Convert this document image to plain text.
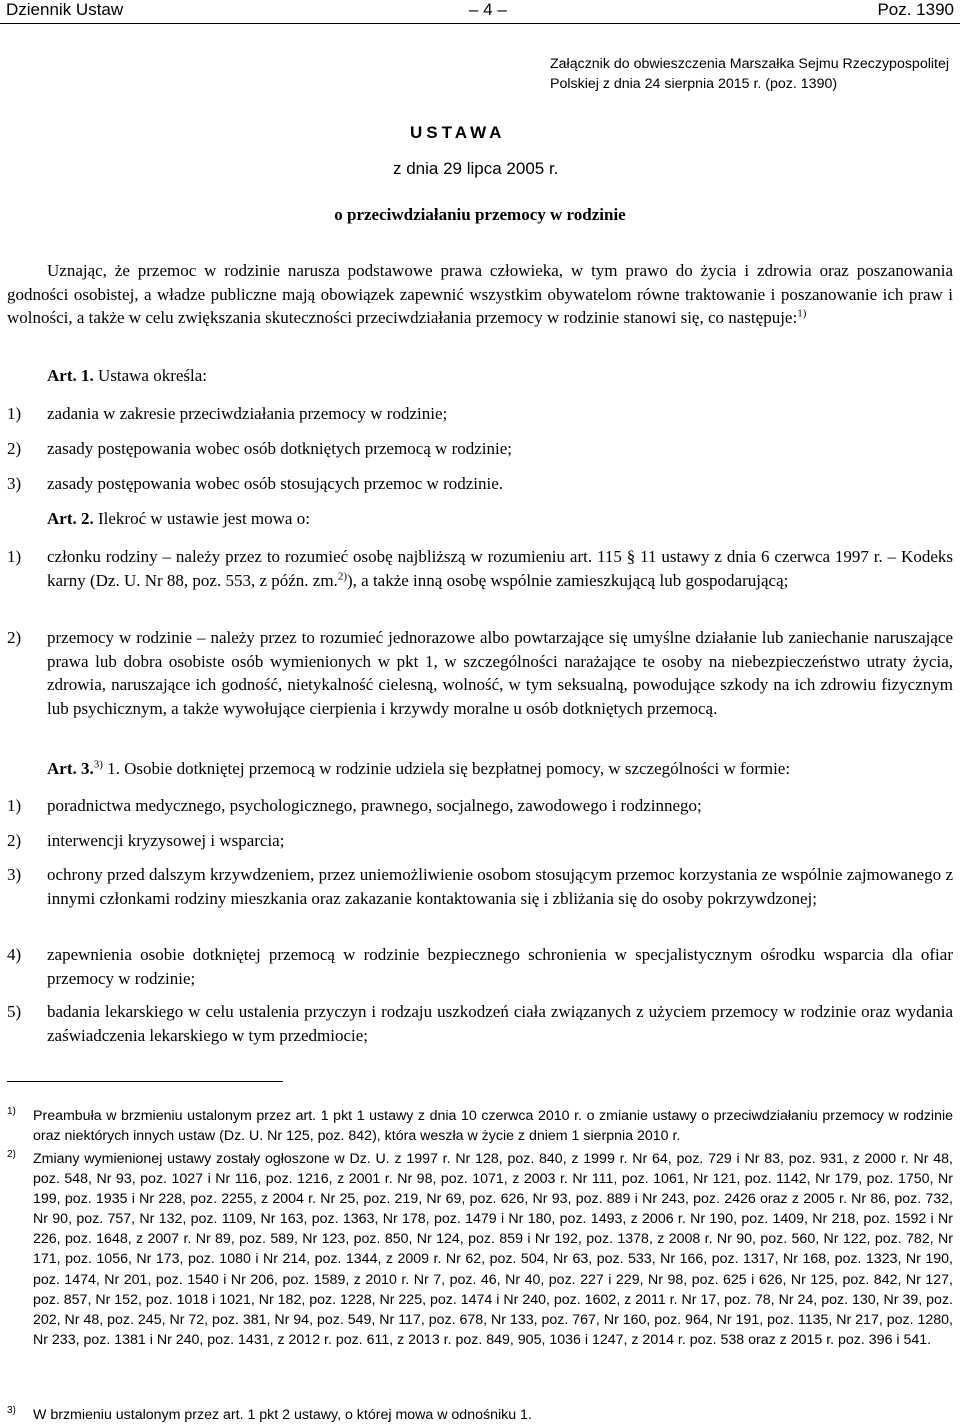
Dziennik Ustaw	– 4 –	Poz. 1390
Załącznik do obwieszczenia Marszałka Sejmu Rzeczypospolitej Polskiej z dnia 24 sierpnia 2015 r. (poz. 1390)
USTAWA
z dnia 29 lipca 2005 r.
o przeciwdziałaniu przemocy w rodzinie
Uznając, że przemoc w rodzinie narusza podstawowe prawa człowieka, w tym prawo do życia i zdrowia oraz poszanowania godności osobistej, a władze publiczne mają obowiązek zapewnić wszystkim obywatelom równe traktowanie i poszanowanie ich praw i wolności, a także w celu zwiększania skuteczności przeciwdziałania przemocy w rodzinie stanowi się, co następuje:$^{1)}$
Art. 1. Ustawa określa:
1) zadania w zakresie przeciwdziałania przemocy w rodzinie;
2) zasady postępowania wobec osób dotkniętych przemocą w rodzinie;
3) zasady postępowania wobec osób stosujących przemoc w rodzinie.
Art. 2. Ilekroć w ustawie jest mowa o:
1) członku rodziny – należy przez to rozumieć osobę najbliższą w rozumieniu art. 115 § 11 ustawy z dnia 6 czerwca 1997 r. – Kodeks karny (Dz. U. Nr 88, poz. 553, z późn. zm.$^{2)}$), a także inną osobę wspólnie zamieszkującą lub gospodarującą;
2) przemocy w rodzinie – należy przez to rozumieć jednorazowe albo powtarzające się umyślne działanie lub zaniechanie naruszające prawa lub dobra osobiste osób wymienionych w pkt 1, w szczególności narażające te osoby na niebezpieczeństwo utraty życia, zdrowia, naruszające ich godność, nietykalność cielesną, wolność, w tym seksualną, powodujące szkody na ich zdrowiu fizycznym lub psychicznym, a także wywołujące cierpienia i krzywdy moralne u osób dotkniętych przemocą.
Art. 3.$^{3)}$ 1. Osobie dotkniętej przemocą w rodzinie udziela się bezpłatnej pomocy, w szczególności w formie:
1) poradnictwa medycznego, psychologicznego, prawnego, socjalnego, zawodowego i rodzinnego;
2) interwencji kryzysowej i wsparcia;
3) ochrony przed dalszym krzywdzeniem, przez uniemożliwienie osobom stosującym przemoc korzystania ze wspólnie zajmowanego z innymi członkami rodziny mieszkania oraz zakazanie kontaktowania się i zbliżania się do osoby pokrzywdzonej;
4) zapewnienia osobie dotkniętej przemocą w rodzinie bezpiecznego schronienia w specjalistycznym ośrodku wsparcia dla ofiar przemocy w rodzinie;
5) badania lekarskiego w celu ustalenia przyczyn i rodzaju uszkodzeń ciała związanych z użyciem przemocy w rodzinie oraz wydania zaświadczenia lekarskiego w tym przedmiocie;
1) Preambuła w brzmieniu ustalonym przez art. 1 pkt 1 ustawy z dnia 10 czerwca 2010 r. o zmianie ustawy o przeciwdziałaniu przemocy w rodzinie oraz niektórych innych ustaw (Dz. U. Nr 125, poz. 842), która weszła w życie z dniem 1 sierpnia 2010 r.
2) Zmiany wymienionej ustawy zostały ogłoszone w Dz. U. z 1997 r. Nr 128, poz. 840, z 1999 r. Nr 64, poz. 729 i Nr 83, poz. 931, z 2000 r. Nr 48, poz. 548, Nr 93, poz. 1027 i Nr 116, poz. 1216, z 2001 r. Nr 98, poz. 1071, z 2003 r. Nr 111, poz. 1061, Nr 121, poz. 1142, Nr 179, poz. 1750, Nr 199, poz. 1935 i Nr 228, poz. 2255, z 2004 r. Nr 25, poz. 219, Nr 69, poz. 626, Nr 93, poz. 889 i Nr 243, poz. 2426 oraz z 2005 r. Nr 86, poz. 732, Nr 90, poz. 757, Nr 132, poz. 1109, Nr 163, poz. 1363, Nr 178, poz. 1479 i Nr 180, poz. 1493, z 2006 r. Nr 190, poz. 1409, Nr 218, poz. 1592 i Nr 226, poz. 1648, z 2007 r. Nr 89, poz. 589, Nr 123, poz. 850, Nr 124, poz. 859 i Nr 192, poz. 1378, z 2008 r. Nr 90, poz. 560, Nr 122, poz. 782, Nr 171, poz. 1056, Nr 173, poz. 1080 i Nr 214, poz. 1344, z 2009 r. Nr 62, poz. 504, Nr 63, poz. 533, Nr 166, poz. 1317, Nr 168, poz. 1323, Nr 190, poz. 1474, Nr 201, poz. 1540 i Nr 206, poz. 1589, z 2010 r. Nr 7, poz. 46, Nr 40, poz. 227 i 229, Nr 98, poz. 625 i 626, Nr 125, poz. 842, Nr 127, poz. 857, Nr 152, poz. 1018 i 1021, Nr 182, poz. 1228, Nr 225, poz. 1474 i Nr 240, poz. 1602, z 2011 r. Nr 17, poz. 78, Nr 24, poz. 130, Nr 39, poz. 202, Nr 48, poz. 245, Nr 72, poz. 381, Nr 94, poz. 549, Nr 117, poz. 678, Nr 133, poz. 767, Nr 160, poz. 964, Nr 191, poz. 1135, Nr 217, poz. 1280, Nr 233, poz. 1381 i Nr 240, poz. 1431, z 2012 r. poz. 611, z 2013 r. poz. 849, 905, 1036 i 1247, z 2014 r. poz. 538 oraz z 2015 r. poz. 396 i 541.
3) W brzmieniu ustalonym przez art. 1 pkt 2 ustawy, o której mowa w odnośniku 1.
